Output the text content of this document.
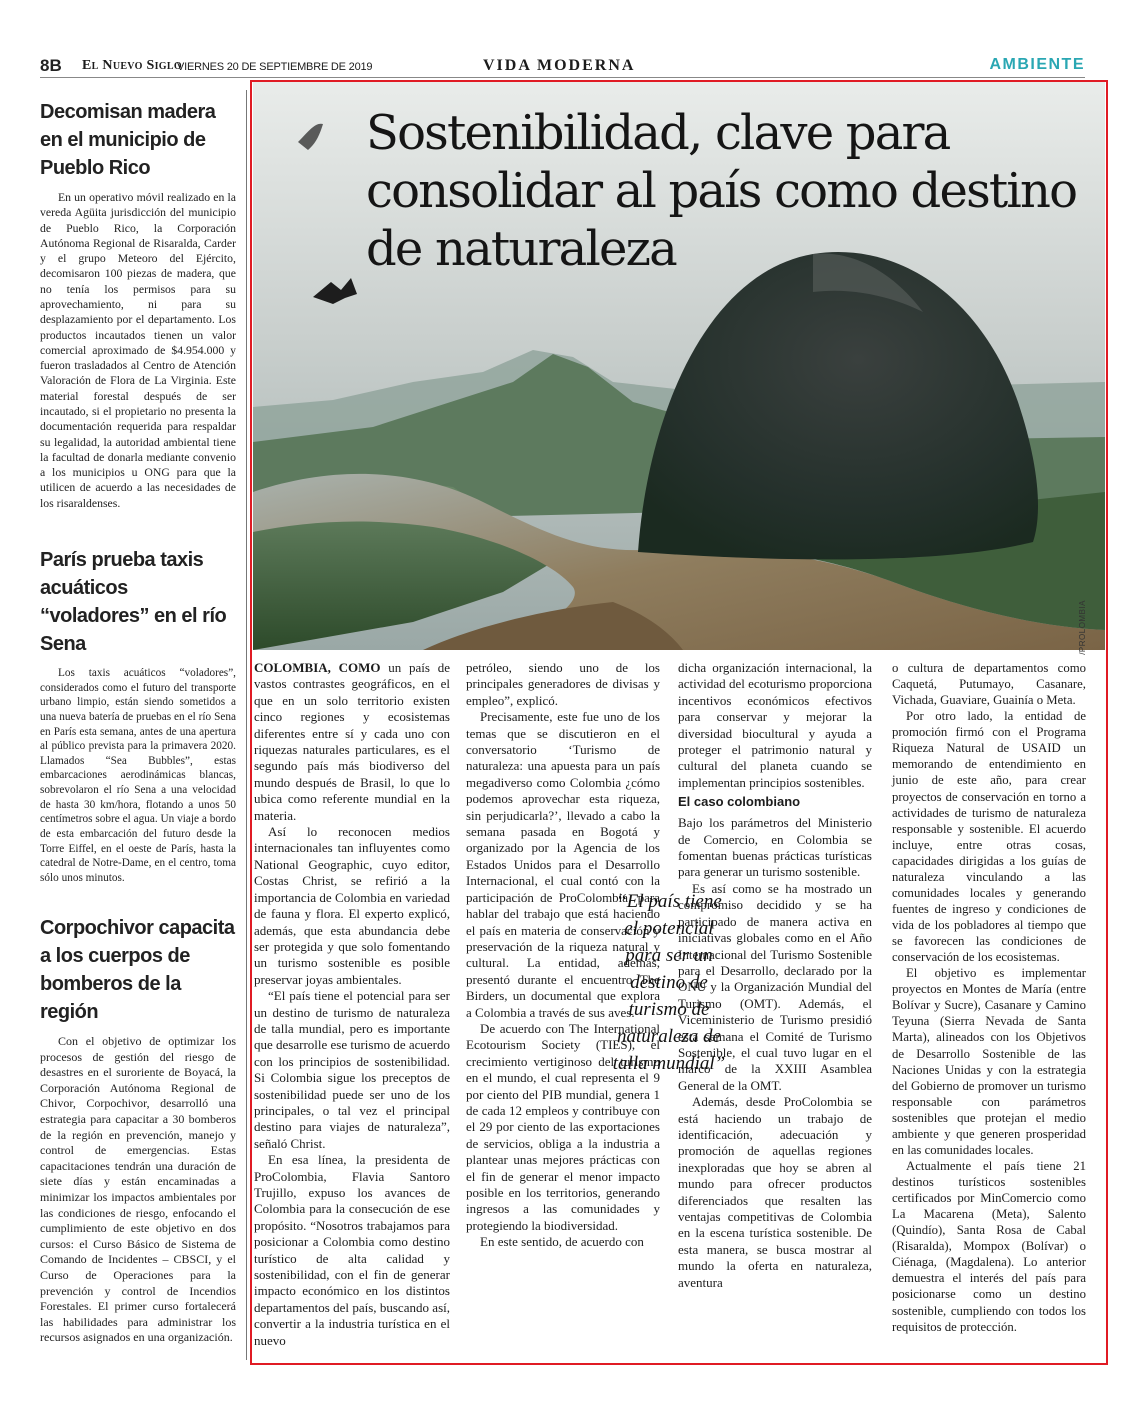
8B El Nuevo Siglo
VIERNES 20 DE SEPTIEMBRE DE 2019	VIDA MODERNA	AMBIENTE
Decomisan madera en el municipio de Pueblo Rico

En un operativo móvil realizado en la vereda Agüita jurisdicción del municipio de Pueblo Rico, la Corporación Autónoma Regional de Risaralda, Carder y el grupo Meteoro del Ejército, decomisaron 100 piezas de madera, que no tenía los permisos para su aprovechamiento, ni para su desplazamiento por el departamento. Los productos incautados tienen un valor comercial aproximado de $4.954.000 y fueron trasladados al Centro de Atención Valoración de Flora de La Virginia. Este material forestal después de ser incautado, si el propietario no presenta la documentación requerida para respaldar su legalidad, la autoridad ambiental tiene la facultad de donarla mediante convenio a los municipios u ONG para que la utilicen de acuerdo a las necesidades de los risaraldenses.

París prueba taxis acuáticos “voladores” en el río Sena

Los taxis acuáticos “voladores”, considerados como el futuro del transporte urbano limpio, están siendo sometidos a una nueva batería de pruebas en el río Sena en París esta semana, antes de una apertura al público prevista para la primavera 2020. Llamados “Sea Bubbles”, estas embarcaciones aerodinámicas blancas, sobrevolaron el río Sena a una velocidad de hasta 30 km/hora, flotando a unos 50 centímetros sobre el agua. Un viaje a bordo de esta embarcación del futuro desde la Torre Eiffel, en el oeste de París, hasta la catedral de Notre-Dame, en el centro, toma sólo unos minutos.

Corpochivor capacita a los cuerpos de bomberos de la región

Con el objetivo de optimizar los procesos de gestión del riesgo de desastres en el suroriente de Boyacá, la Corporación Autónoma Regional de Chivor, Corpochivor, desarrolló una estrategia para capacitar a 30 bomberos de la región en prevención, manejo y control de emergencias. Estas capacitaciones tendrán una duración de siete días y están encaminadas a minimizar los impactos ambientales por las condiciones de riesgo, enfocando el cumplimiento de este objetivo en dos cursos: el Curso Básico de Sistema de Comando de Incidentes – CBSCI, y el Curso de Operaciones para la prevención y control de Incendios Forestales. El primer curso fortalecerá las habilidades para administrar los recursos asignados en una organización.

Sostenibilidad, clave para consolidar al país como destino de naturaleza
/PROLOMBIA

COLOMBIA, COMO un país de vastos contrastes geográficos, en el que en un solo territorio existen cinco regiones y ecosistemas diferentes entre sí y cada uno con riquezas naturales particulares, es el segundo país más biodiverso del mundo después de Brasil, lo que lo ubica como referente mundial en la materia.

Así lo reconocen medios internacionales tan influyentes como National Geographic, cuyo editor, Costas Christ, se refirió a la importancia de Colombia en variedad de fauna y flora. El experto explicó, además, que esta abundancia debe ser protegida y que solo fomentando un turismo sostenible es posible preservar joyas ambientales.

“El país tiene el potencial para ser un destino de turismo de naturaleza de talla mundial, pero es importante que desarrolle ese turismo de acuerdo con los principios de sostenibilidad. Si Colombia sigue los preceptos de sostenibilidad puede ser uno de los principales, o tal vez el principal destino para viajes de naturaleza”, señaló Christ.

En esa línea, la presidenta de ProColombia, Flavia Santoro Trujillo, expuso los avances de Colombia para la consecución de ese propósito. “Nosotros trabajamos para posicionar a Colombia como destino turístico de alta calidad y sostenibilidad, con el fin de generar impacto económico en los distintos departamentos del país, buscando así, convertir a la industria turística en el nuevo

petróleo, siendo uno de los principales generadores de divisas y empleo”, explicó.

Precisamente, este fue uno de los temas que se discutieron en el conversatorio ‘Turismo de naturaleza: una apuesta para un país megadiverso como Colombia ¿cómo podemos aprovechar esta riqueza, sin perjudicarla?’, llevado a cabo la semana pasada en Bogotá y organizado por la Agencia de los Estados Unidos para el Desarrollo Internacional, el cual contó con la participación de ProColombia, para hablar del trabajo que está haciendo el país en materia de conservación y preservación de la riqueza natural y cultural. La entidad, además, presentó durante el encuentro The Birders, un documental que explora a Colombia a través de sus aves.

De acuerdo con The International Ecotourism Society (TIES), el crecimiento vertiginoso del turismo en el mundo, el cual representa el 9 por ciento del PIB mundial, genera 1 de cada 12 empleos y contribuye con el 29 por ciento de las exportaciones de servicios, obliga a la industria a plantear unas mejores prácticas con el fin de generar el menor impacto posible en los territorios, generando ingresos a las comunidades y protegiendo la biodiversidad.

En este sentido, de acuerdo con

“El país tiene el potencial para ser un destino de turismo de naturaleza de talla mundial”

dicha organización internacional, la actividad del ecoturismo proporciona incentivos económicos efectivos para conservar y mejorar la diversidad biocultural y ayuda a proteger el patrimonio natural y cultural del planeta cuando se implementan principios sostenibles.

El caso colombiano

Bajo los parámetros del Ministerio de Comercio, en Colombia se fomentan buenas prácticas turísticas para generar un turismo sostenible.

Es así como se ha mostrado un compromiso decidido y se ha participado de manera activa en iniciativas globales como en el Año Internacional del Turismo Sostenible para el Desarrollo, declarado por la ONU y la Organización Mundial del Turismo (OMT). Además, el Viceministerio de Turismo presidió esta semana el Comité de Turismo Sostenible, el cual tuvo lugar en el marco de la XXIII Asamblea General de la OMT.

Además, desde ProColombia se está haciendo un trabajo de identificación, adecuación y promoción de aquellas regiones inexploradas que hoy se abren al mundo para ofrecer productos diferenciados que resalten las ventajas competitivas de Colombia en la escena turística sostenible. De esta manera, se busca mostrar al mundo la oferta en naturaleza, aventura

o cultura de departamentos como Caquetá, Putumayo, Casanare, Vichada, Guaviare, Guainía o Meta.

Por otro lado, la entidad de promoción firmó con el Programa Riqueza Natural de USAID un memorando de entendimiento en junio de este año, para crear proyectos de conservación en torno a actividades de turismo de naturaleza responsable y sostenible. El acuerdo incluye, entre otras cosas, capacidades dirigidas a los guías de naturaleza vinculando a las comunidades locales y generando fuentes de ingreso y condiciones de vida de los pobladores al tiempo que se favorecen las condiciones de conservación de los ecosistemas.

El objetivo es implementar proyectos en Montes de María (entre Bolívar y Sucre), Casanare y Camino Teyuna (Sierra Nevada de Santa Marta), alineados con los Objetivos de Desarrollo Sostenible de las Naciones Unidas y con la estrategia del Gobierno de promover un turismo responsable con parámetros sostenibles que protejan el medio ambiente y que generen prosperidad en las comunidades locales.

Actualmente el país tiene 21 destinos turísticos sostenibles certificados por MinComercio como La Macarena (Meta), Salento (Quindío), Santa Rosa de Cabal (Risaralda), Mompox (Bolívar) o Ciénaga, (Magdalena). Lo anterior demuestra el interés del país para posicionarse como un destino sostenible, cumpliendo con todos los requisitos de protección.
